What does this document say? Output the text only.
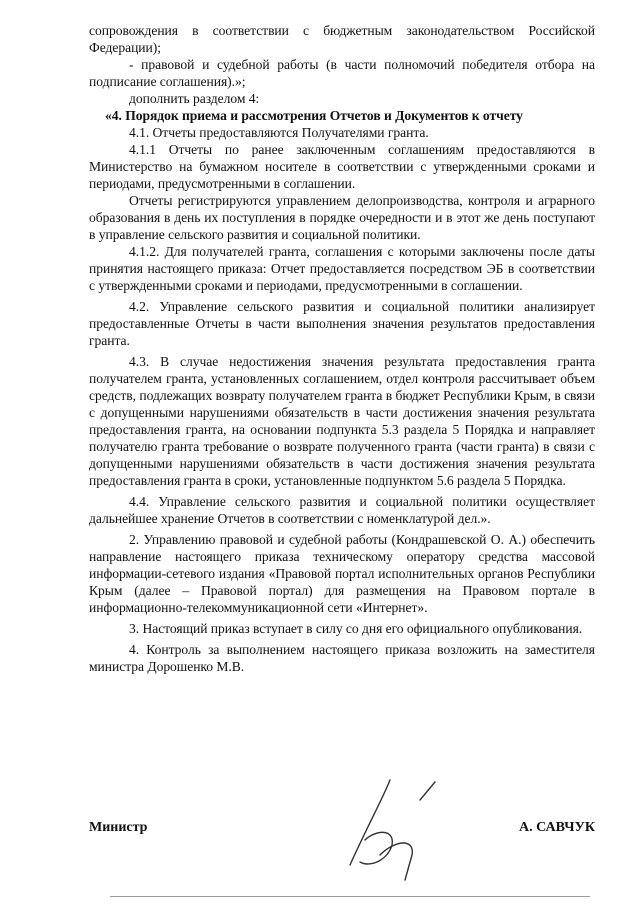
сопровождения в соответствии с бюджетным законодательством Российской Федерации);

- правовой и судебной работы (в части полномочий победителя отбора на подписание соглашения).»;

дополнить разделом 4:

«4. Порядок приема и рассмотрения Отчетов и Документов к отчету

4.1. Отчеты предоставляются Получателями гранта.

4.1.1 Отчеты по ранее заключенным соглашениям предоставляются в Министерство на бумажном носителе в соответствии с утвержденными сроками и периодами, предусмотренными в соглашении.

Отчеты регистрируются управлением делопроизводства, контроля и аграрного образования в день их поступления в порядке очередности и в этот же день поступают в управление сельского развития и социальной политики.

4.1.2. Для получателей гранта, соглашения с которыми заключены после даты принятия настоящего приказа: Отчет предоставляется посредством ЭБ в соответствии с утвержденными сроками и периодами, предусмотренными в соглашении.

4.2. Управление сельского развития и социальной политики анализирует предоставленные Отчеты в части выполнения значения результатов предоставления гранта.

4.3. В случае недостижения значения результата предоставления гранта получателем гранта, установленных соглашением, отдел контроля рассчитывает объем средств, подлежащих возврату получателем гранта в бюджет Республики Крым, в связи с допущенными нарушениями обязательств в части достижения значения результата предоставления гранта, на основании подпункта 5.3 раздела 5 Порядка и направляет получателю гранта требование о возврате полученного гранта (части гранта) в связи с допущенными нарушениями обязательств в части достижения значения результата предоставления гранта в сроки, установленные подпунктом 5.6 раздела 5 Порядка.

4.4. Управление сельского развития и социальной политики осуществляет дальнейшее хранение Отчетов в соответствии с номенклатурой дел.».

2. Управлению правовой и судебной работы (Кондрашевской О. А.) обеспечить направление настоящего приказа техническому оператору средства массовой информации-сетевого издания «Правовой портал исполнительных органов Республики Крым (далее – Правовой портал) для размещения на Правовом портале в информационно-телекоммуникационной сети «Интернет».

3. Настоящий приказ вступает в силу со дня его официального опубликования.

4. Контроль за выполнением настоящего приказа возложить на заместителя министра Дорошенко М.В.

Министр	А. САВЧУК
